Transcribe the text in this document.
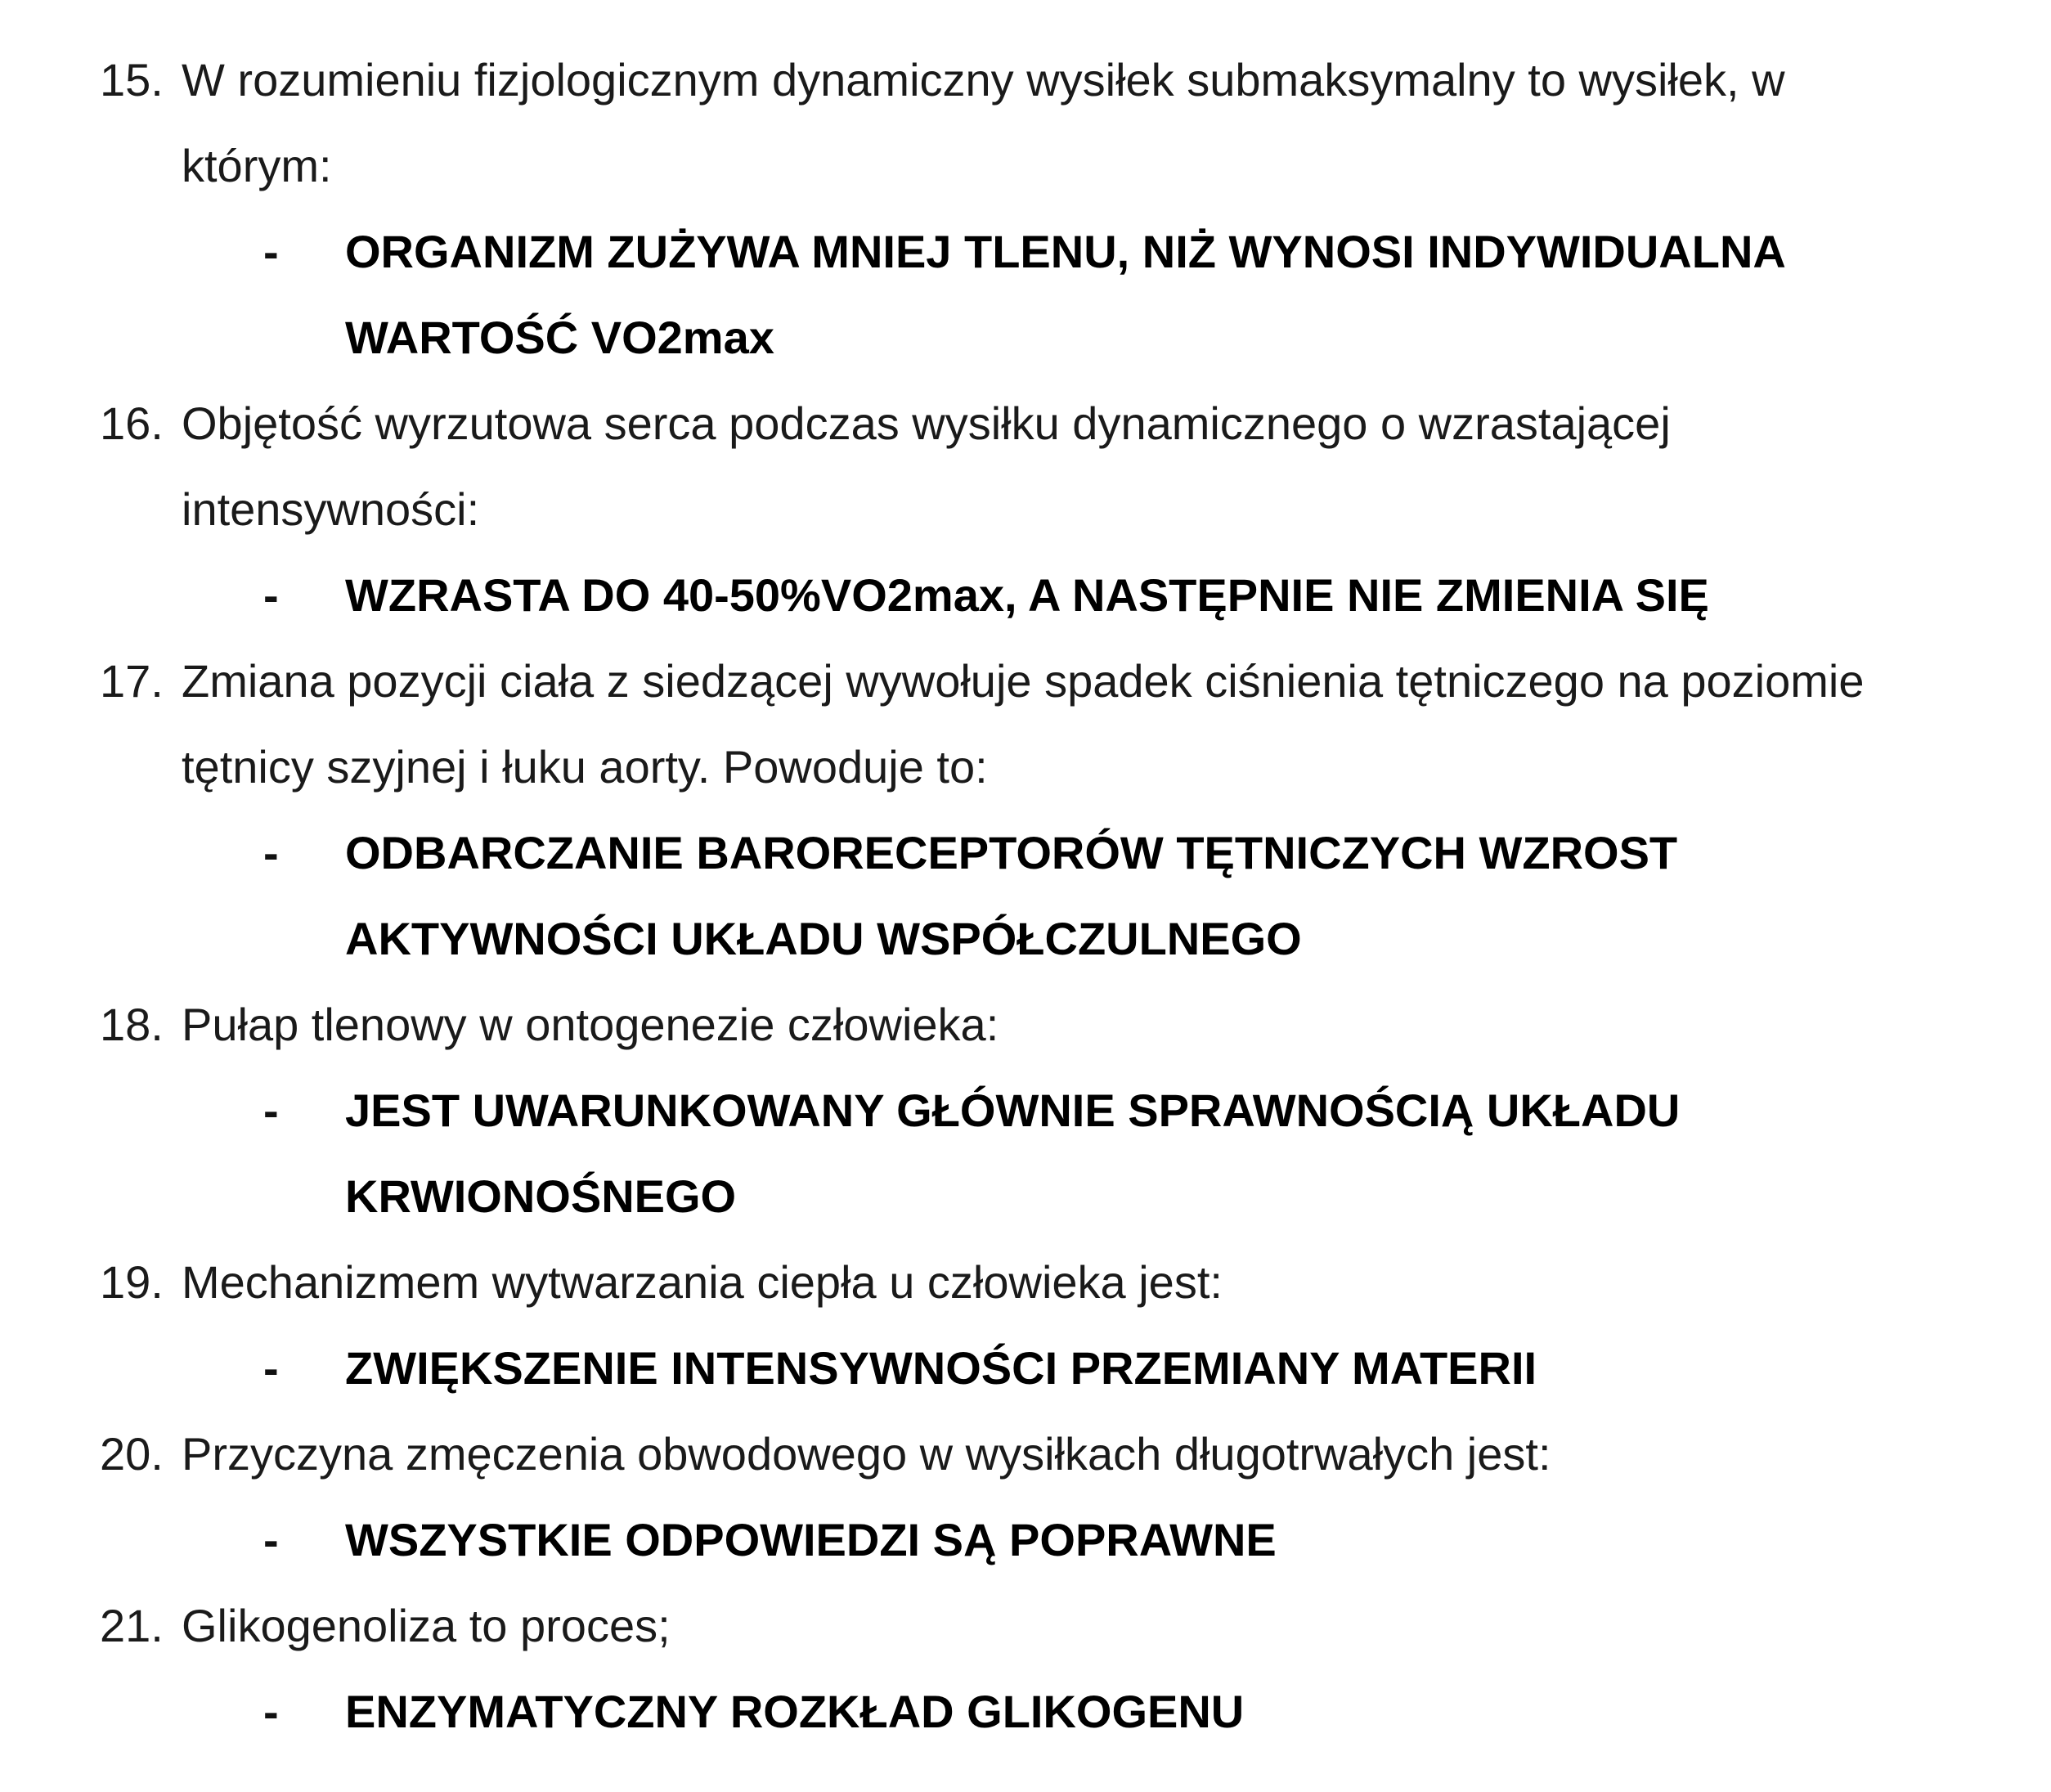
15. W rozumieniu fizjologicznym dynamiczny wysiłek submaksymalny to wysiłek, w
którym:
- ORGANIZM ZUŻYWA MNIEJ TLENU, NIŻ WYNOSI INDYWIDUALNA
WARTOŚĆ VO2max
16. Objętość wyrzutowa serca podczas wysiłku dynamicznego o wzrastającej
intensywności:
- WZRASTA DO 40-50%VO2max, A NASTĘPNIE NIE ZMIENIA SIĘ
17. Zmiana pozycji ciała z siedzącej wywołuje spadek ciśnienia tętniczego na poziomie
tętnicy szyjnej i łuku aorty. Powoduje to:
- ODBARCZANIE BARORECEPTORÓW TĘTNICZYCH WZROST
AKTYWNOŚCI UKŁADU WSPÓŁCZULNEGO
18. Pułap tlenowy w ontogenezie człowieka:
- JEST UWARUNKOWANY GŁÓWNIE SPRAWNOŚCIĄ UKŁADU
KRWIONOŚNEGO
19. Mechanizmem wytwarzania ciepła u człowieka jest:
- ZWIĘKSZENIE INTENSYWNOŚCI PRZEMIANY MATERII
20. Przyczyna zmęczenia obwodowego w wysiłkach długotrwałych jest:
- WSZYSTKIE ODPOWIEDZI SĄ POPRAWNE
21. Glikogenoliza to proces;
- ENZYMATYCZNY ROZKŁAD GLIKOGENU
